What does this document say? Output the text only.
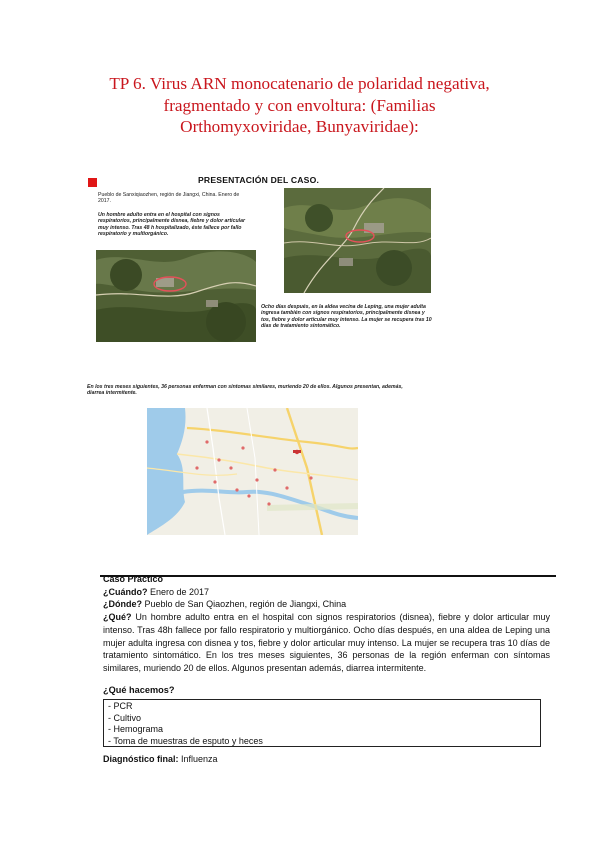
TP 6. Virus ARN monocatenario de polaridad negativa,
fragmentado y con envoltura: (Familias
Orthomyxoviridae, Bunyaviridae):
PRESENTACIÓN DEL CASO.
Pueblo de Sanxiqiaozhen, región de Jiangxi, China. Enero de 2017.
Un hombre adulto entra en el hospital con signos respiratorios, principalmente disnea, fiebre y dolor articular muy intenso. Tras 48 h hospitalizado, éste fallece por fallo respiratorio y multiorgánico.
Ocho días después, en la aldea vecina de Leping, una mujer adulta ingresa también con signos respiratorios, principalmente disnea y tos, fiebre y dolor articular muy intenso. La mujer se recupera tras 10 días de tratamiento sintomático.
En los tres meses siguientes, 36 personas enferman con síntomas similares, muriendo 20 de ellos. Algunos presentan, además, diarrea intermitente.
Caso Práctico
¿Cuándo? Enero de 2017
¿Dónde? Pueblo de San Qiaozhen, región de Jiangxi, China
¿Qué? Un hombre adulto entra en el hospital con signos respiratorios (disnea), fiebre y dolor articular muy intenso. Tras 48h fallece por fallo respiratorio y multiorgánico. Ocho días después, en una aldea de Leping una mujer adulta ingresa con disnea y tos, fiebre y dolor articular muy intenso. La mujer se recupera tras 10 días de tratamiento sintomático. En los tres meses siguientes, 36 personas de la región enferman con síntomas similares, muriendo 20 de ellos. Algunos presentan además, diarrea intermitente.
¿Qué hacemos?
- PCR
- Cultivo
- Hemograma
- Toma de muestras de esputo y heces
Diagnóstico final: Influenza
